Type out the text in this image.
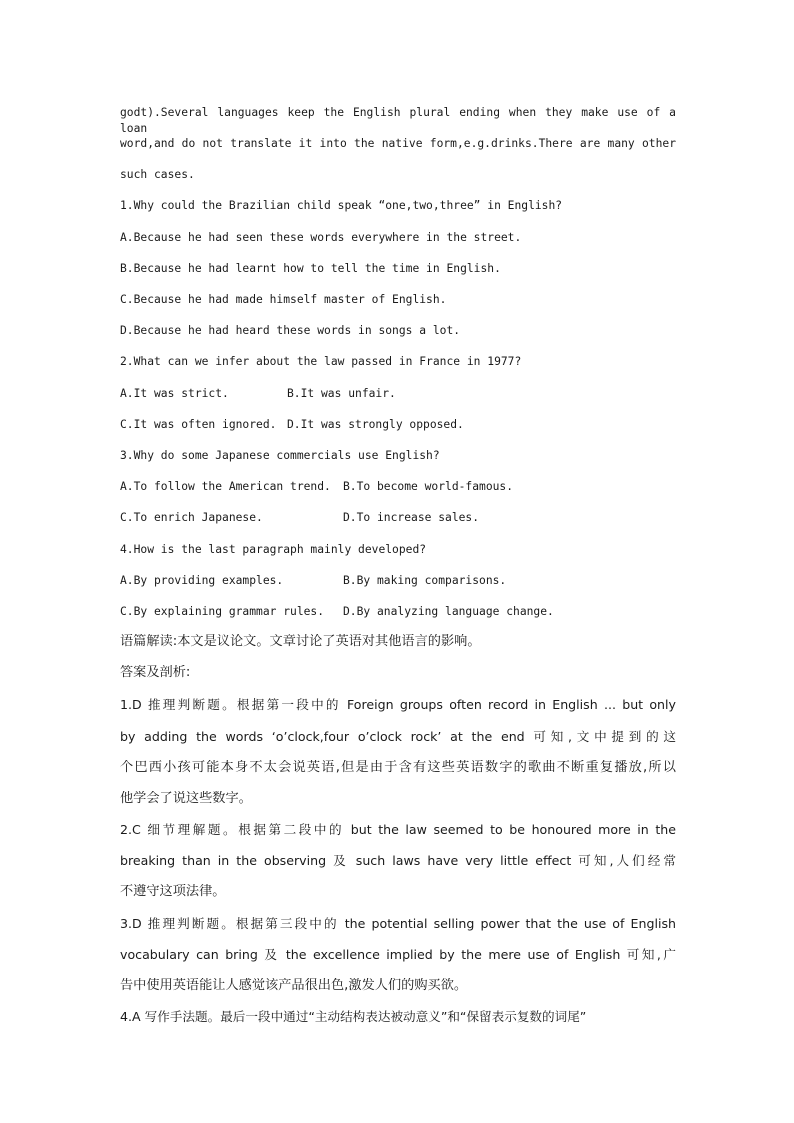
godt).Several languages keep the English plural ending when they make use of a loan
word,and do not translate it into the native form,e.g.drinks.There are many other
such cases.
1.Why could the Brazilian child speak “one,two,three” in English?
A.Because he had seen these words everywhere in the street.
B.Because he had learnt how to tell the time in English.
C.Because he had made himself master of English.
D.Because he had heard these words in songs a lot.
2.What can we infer about the law passed in France in 1977?
A.It was strict.	B.It was unfair.
C.It was often ignored. D.It was strongly opposed.
3.Why do some Japanese commercials use English?
A.To follow the American trend.	B.To become world-famous.
C.To enrich Japanese.	D.To increase sales.
4.How is the last paragraph mainly developed?
A.By providing examples.	B.By making comparisons.
C.By explaining grammar rules.	D.By analyzing language change.
语篇解读:本文是议论文。文章讨论了英语对其他语言的影响。
答案及剖析:
1.D 推理判断题。根据第一段中的 Foreign groups often record in English ... but only
by adding the words ‘o’clock,four o’clock rock’ at the end 可知,文中提到的这
个巴西小孩可能本身不太会说英语,但是由于含有这些英语数字的歌曲不断重复播放,所以
他学会了说这些数字。
2.C 细节理解题。根据第二段中的 but the law seemed to be honoured more in the
breaking than in the observing 及 such laws have very little effect 可知,人们经常
不遵守这项法律。
3.D 推理判断题。根据第三段中的 the potential selling power that the use of English
vocabulary can bring 及 the excellence implied by the mere use of English 可知,广
告中使用英语能让人感觉该产品很出色,激发人们的购买欲。
4.A 写作手法题。最后一段中通过“主动结构表达被动意义”和“保留表示复数的词尾”
